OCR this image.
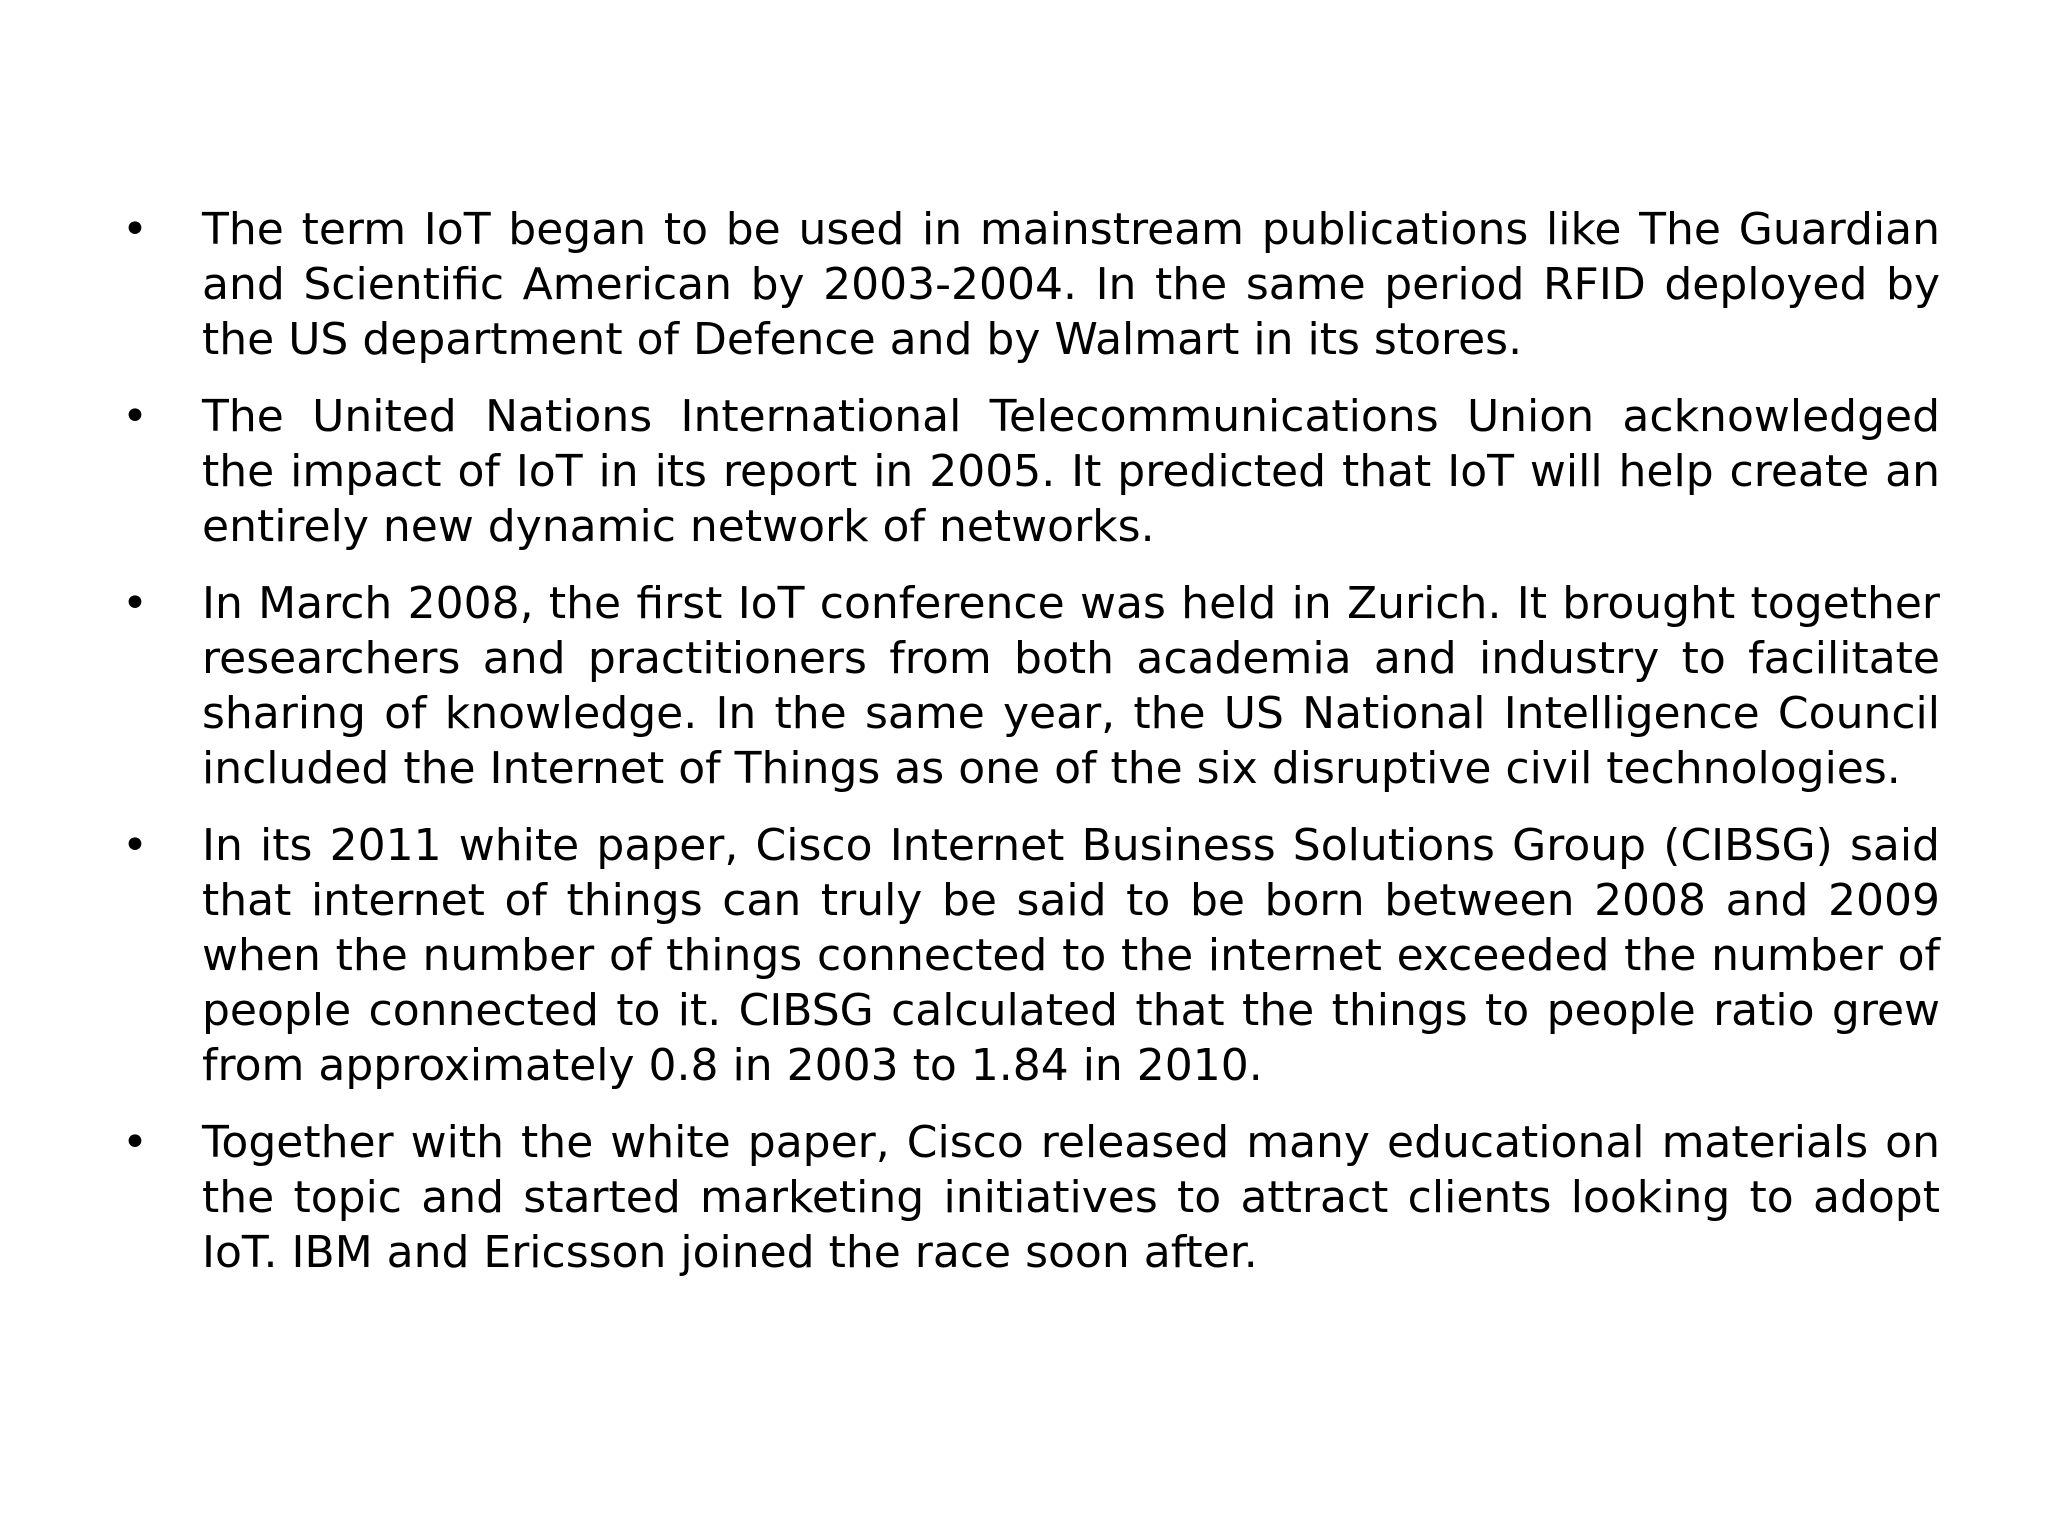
•	The term IoT began to be used in mainstream publications like The Guardian and Scientific American by 2003-2004. In the same period RFID deployed by the US department of Defence and by Walmart in its stores.
•	The United Nations International Telecommunications Union acknowledged the impact of IoT in its report in 2005. It predicted that IoT will help create an entirely new dynamic network of networks.
•	In March 2008, the first IoT conference was held in Zurich. It brought together researchers and practitioners from both academia and industry to facilitate sharing of knowledge. In the same year, the US National Intelligence Council included the Internet of Things as one of the six disruptive civil technologies.
•	In its 2011 white paper, Cisco Internet Business Solutions Group (CIBSG) said that internet of things can truly be said to be born between 2008 and 2009 when the number of things connected to the internet exceeded the number of people connected to it. CIBSG calculated that the things to people ratio grew from approximately 0.8 in 2003 to 1.84 in 2010.
•	Together with the white paper, Cisco released many educational materials on the topic and started marketing initiatives to attract clients looking to adopt IoT. IBM and Ericsson joined the race soon after.
